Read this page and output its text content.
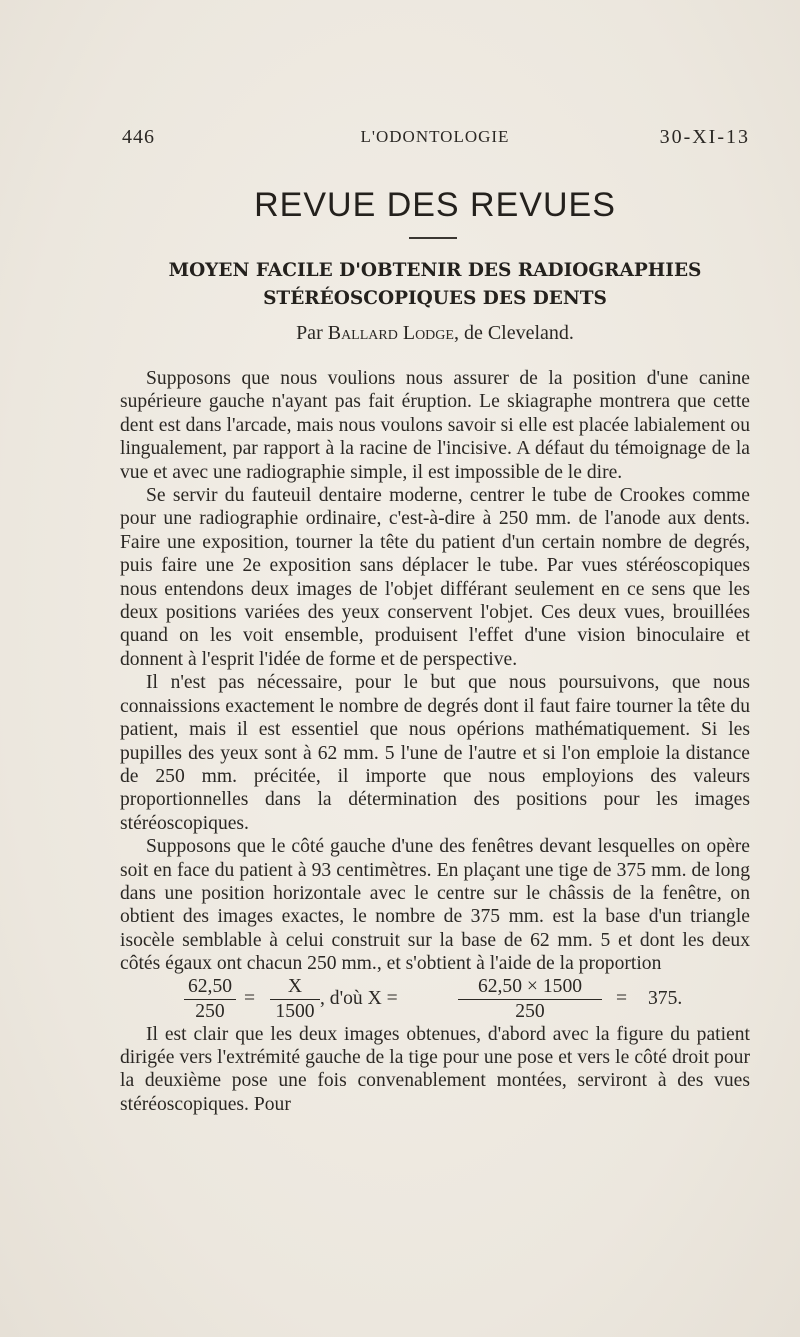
446	L'ODONTOLOGIE	30-XI-13
REVUE DES REVUES
MOYEN FACILE D'OBTENIR DES RADIOGRAPHIES
STÉRÉOSCOPIQUES DES DENTS
Par Ballard Lodge, de Cleveland.

Supposons que nous voulions nous assurer de la position d'une canine supérieure gauche n'ayant pas fait éruption. Le skiagraphe montrera que cette dent est dans l'arcade, mais nous voulons savoir si elle est placée labialement ou lingualement, par rapport à la racine de l'incisive. A défaut du témoignage de la vue et avec une radiographie simple, il est impossible de le dire.

Se servir du fauteuil dentaire moderne, centrer le tube de Crookes comme pour une radiographie ordinaire, c'est-à-dire à 250 mm. de l'anode aux dents. Faire une exposition, tourner la tête du patient d'un certain nombre de degrés, puis faire une 2e exposition sans déplacer le tube. Par vues stéréoscopiques nous entendons deux images de l'objet différant seulement en ce sens que les deux positions variées des yeux conservent l'objet. Ces deux vues, brouillées quand on les voit ensemble, produisent l'effet d'une vision binoculaire et donnent à l'esprit l'idée de forme et de perspective.

Il n'est pas nécessaire, pour le but que nous poursuivons, que nous connaissions exactement le nombre de degrés dont il faut faire tourner la tête du patient, mais il est essentiel que nous opérions mathématiquement. Si les pupilles des yeux sont à 62 mm. 5 l'une de l'autre et si l'on emploie la distance de 250 mm. précitée, il importe que nous employions des valeurs proportionnelles dans la détermination des positions pour les images stéréoscopiques.

Supposons que le côté gauche d'une des fenêtres devant lesquelles on opère soit en face du patient à 93 centimètres. En plaçant une tige de 375 mm. de long dans une position horizontale avec le centre sur le châssis de la fenêtre, on obtient des images exactes, le nombre de 375 mm. est la base d'un triangle isocèle semblable à celui construit sur la base de 62 mm. 5 et dont les deux côtés égaux ont chacun 250 mm., et s'obtient à l'aide de la proportion

62,50
250
=
X
1500
, d'où X =
62,50 × 1500
250
= 375.

Il est clair que les deux images obtenues, d'abord avec la figure du patient dirigée vers l'extrémité gauche de la tige pour une pose et vers le côté droit pour la deuxième pose une fois convenablement montées, serviront à des vues stéréoscopiques. Pour
